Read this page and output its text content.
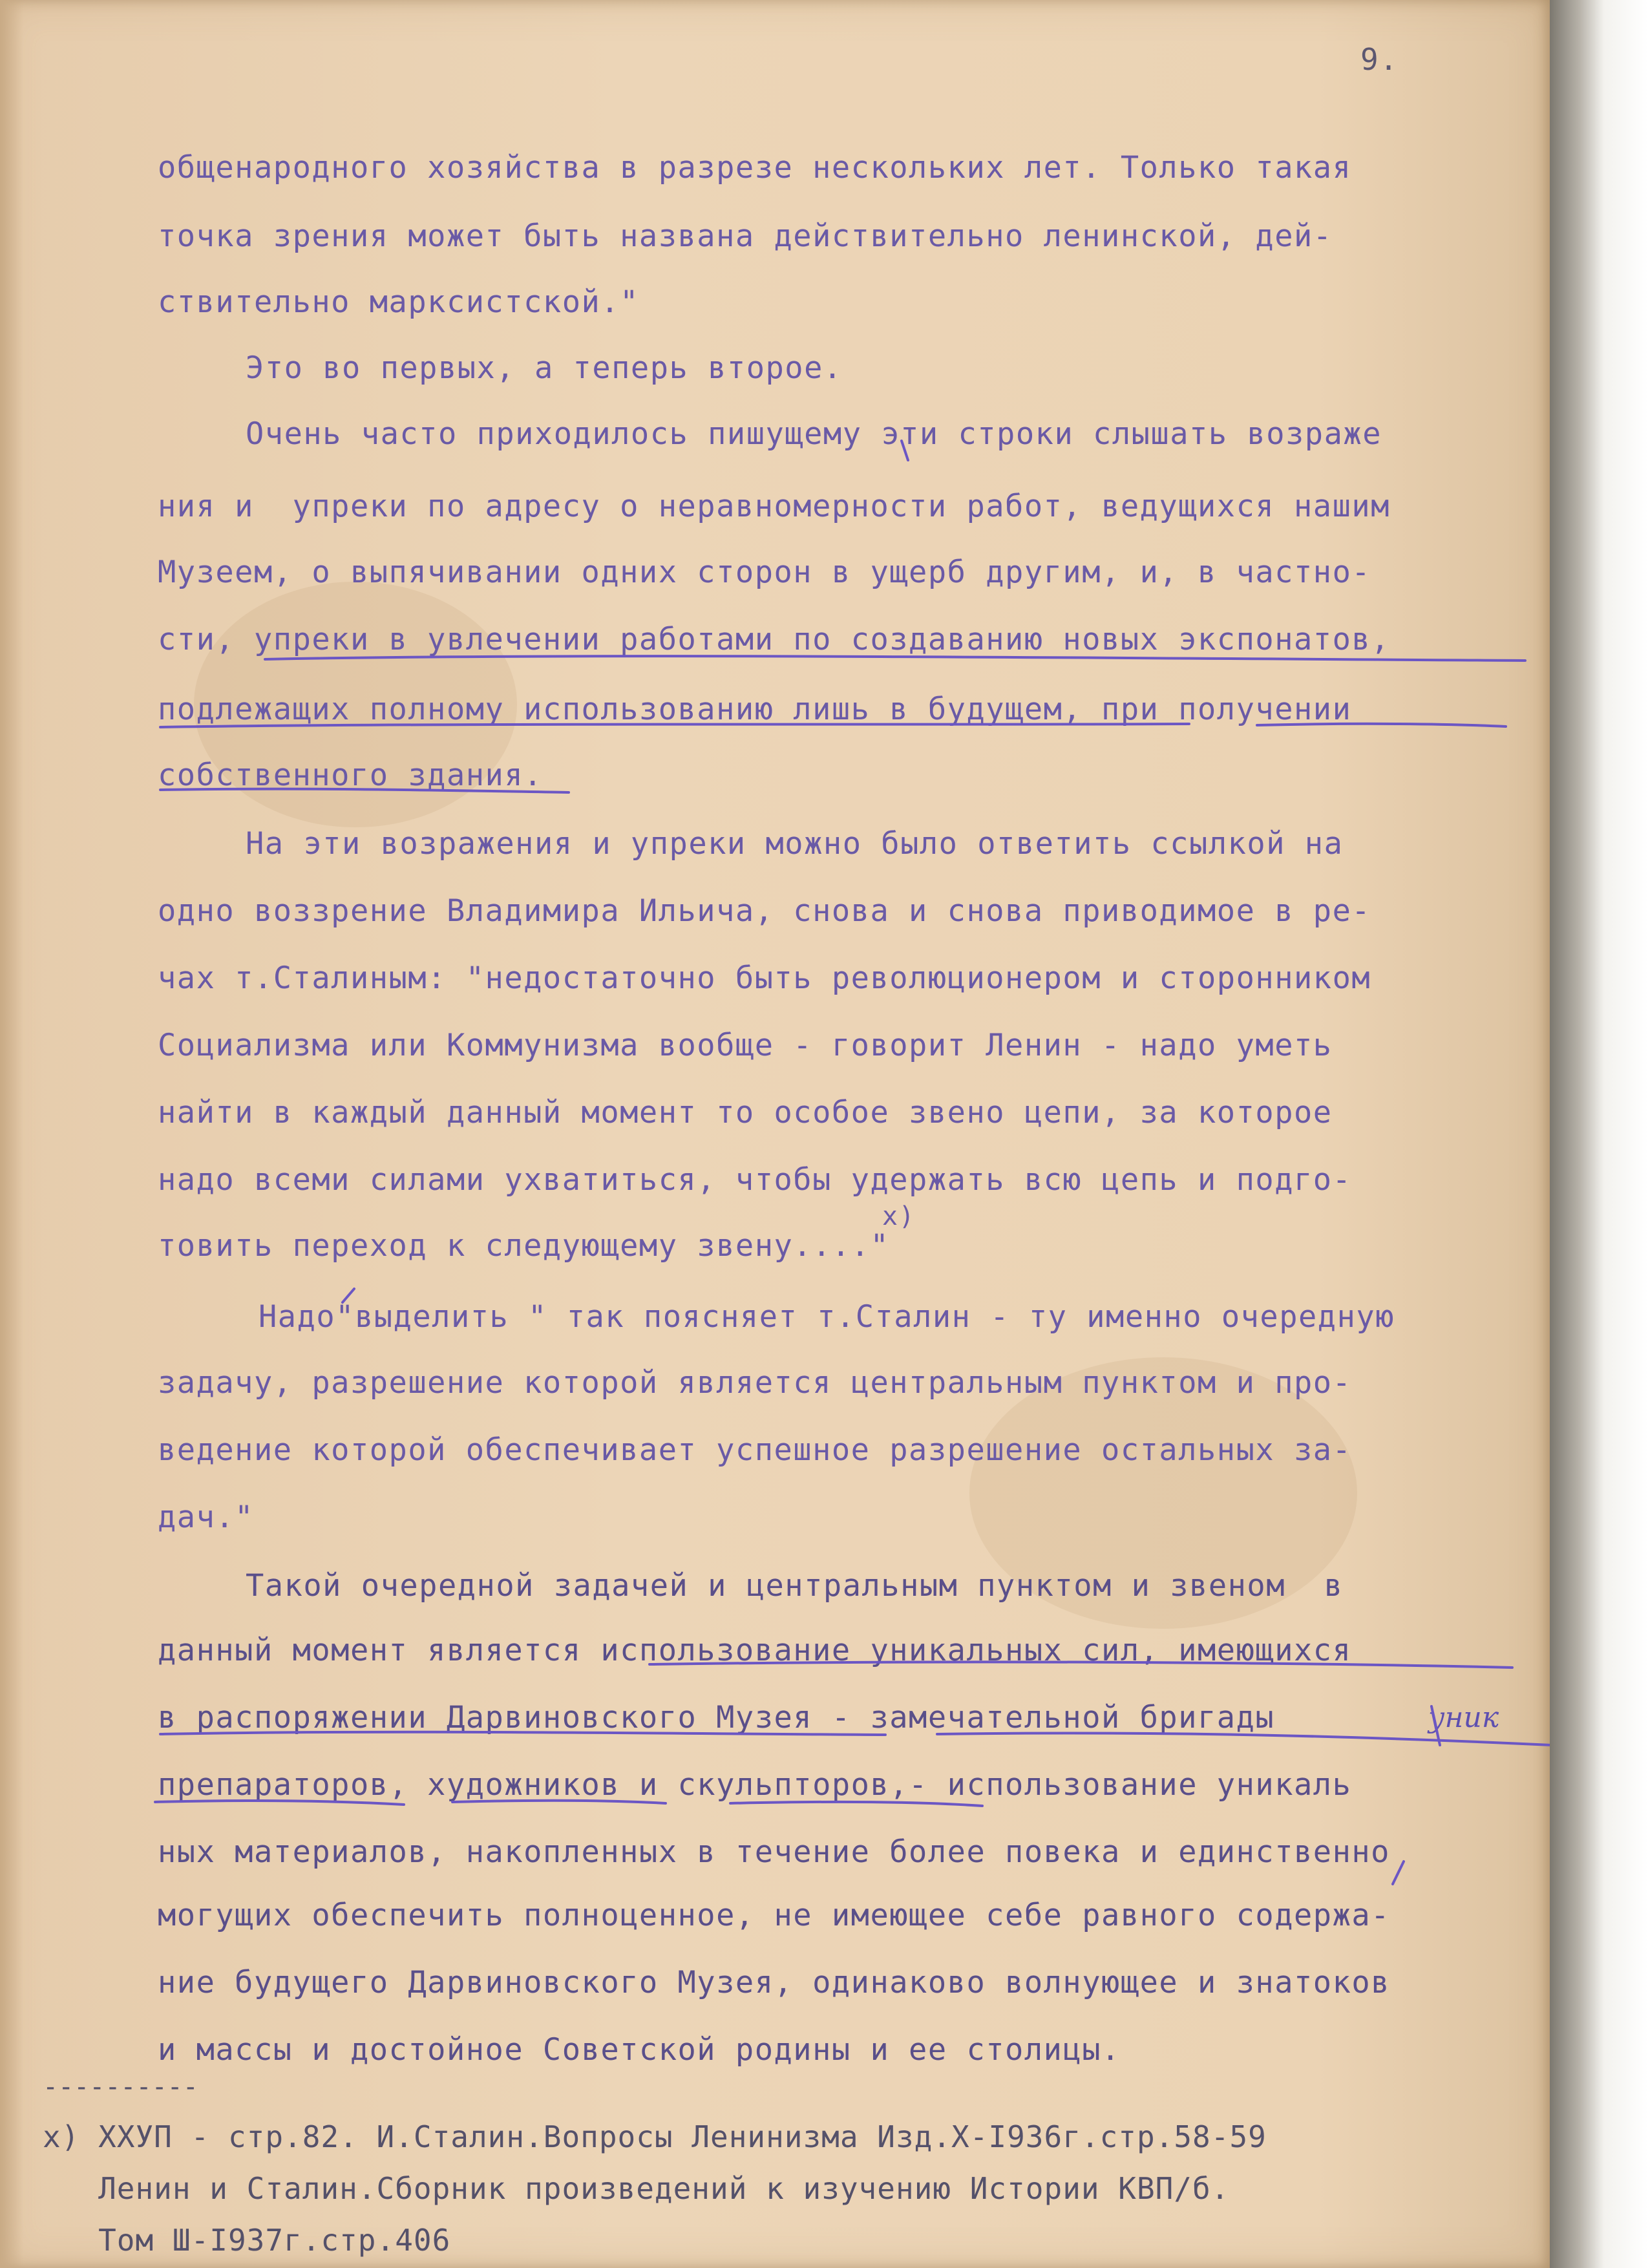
9.
общенародного хозяйства в разрезе нескольких лет. Только такая
точка зрения может быть названа действительно ленинской, дей-
ствительно марксистской."
Это во первых, а теперь второе.
Очень часто приходилось пишущему эти строки слышать возраже
ния и  упреки по адресу о неравномерности работ, ведущихся нашим
Музеем, о выпячивании одних сторон в ущерб другим, и, в частно-
сти, упреки в увлечении работами по создаванию новых экспонатов,
подлежащих полному использованию лишь в будущем, при получении
собственного здания.
На эти возражения и упреки можно было ответить ссылкой на
одно воззрение Владимира Ильича, снова и снова приводимое в ре-
чах т.Сталиным: "недостаточно быть революционером и сторонником
Социализма или Коммунизма вообще - говорит Ленин - надо уметь
найти в каждый данный момент то особое звено цепи, за которое
надо всеми силами ухватиться, чтобы удержать всю цепь и подго-
x)
товить переход к следующему звену...."
Надо"выделить " так поясняет т.Сталин - ту именно очередную
задачу, разрешение которой является центральным пунктом и про-
ведение которой обеспечивает успешное разрешение остальных за-
дач."
Такой очередной задачей и центральным пунктом и звеном  в
данный момент является использование уникальных сил, имеющихся
в распоряжении Дарвиновского Музея - замечательной бригады	уник
препараторов, художников и скульпторов,- использование уникаль
ных материалов, накопленных в течение более повека и единственно
могущих обеспечить полноценное, не имеющее себе равного содержа-
ние будущего Дарвиновского Музея, одинаково волнующее и знатоков
и массы и достойное Советской родины и ее столицы.
----------
x) XXУП - стр.82. И.Сталин.Вопросы Ленинизма Изд.X-I936г.стр.58-59
Ленин и Сталин.Сборник произведений к изучению Истории КВП/б.
Том Ш-I937г.стр.406
